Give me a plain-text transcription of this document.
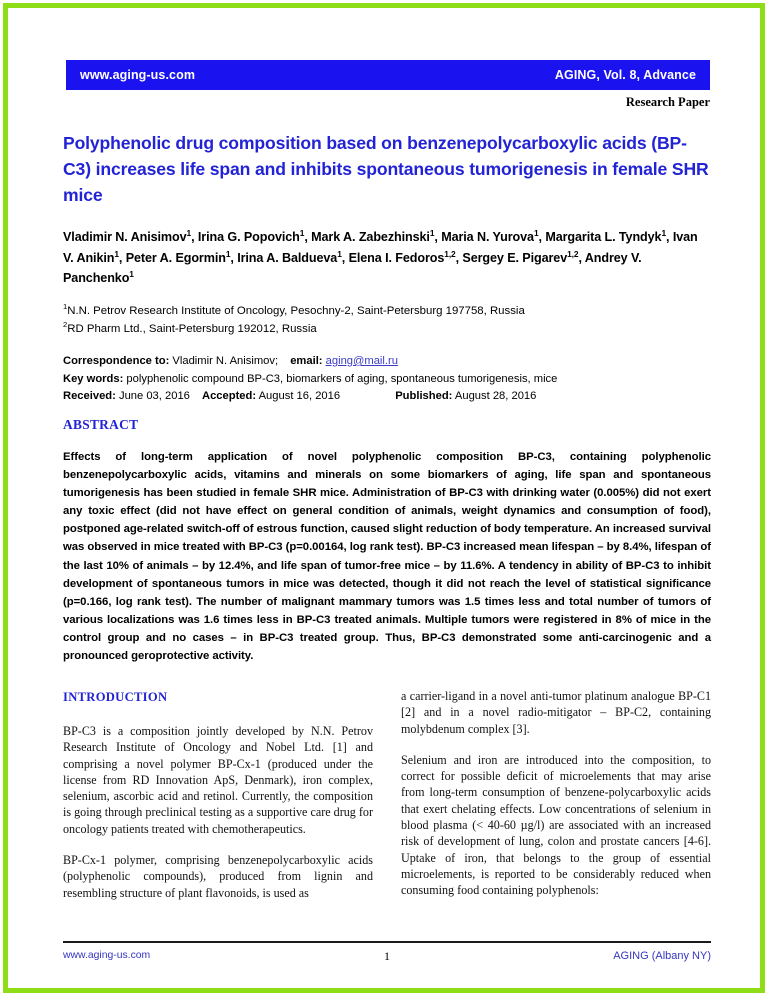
www.aging-us.com	AGING, Vol. 8, Advance
Research Paper
Polyphenolic drug composition based on benzenepolycarboxylic acids (BP-C3) increases life span and inhibits spontaneous tumorigenesis in female SHR mice
Vladimir N. Anisimov$^1$, Irina G. Popovich$^1$, Mark A. Zabezhinski$^1$, Maria N. Yurova$^1$, Margarita L. Tyndyk$^1$, Ivan V. Anikin$^1$, Peter A. Egormin$^1$, Irina A. Baldueva$^1$, Elena I. Fedoros$^{1,2}$, Sergey E. Pigarev$^{1,2}$, Andrey V. Panchenko$^1$
$^1$N.N. Petrov Research Institute of Oncology, Pesochny-2, Saint-Petersburg 197758, Russia
$^2$RD Pharm Ltd., Saint-Petersburg 192012, Russia
Correspondence to: Vladimir N. Anisimov; email: aging@mail.ru
Key words: polyphenolic compound BP-C3, biomarkers of aging, spontaneous tumorigenesis, mice
Received: June 03, 2016 Accepted: August 16, 2016	Published: August 28, 2016
ABSTRACT
Effects of long-term application of novel polyphenolic composition BP-C3, containing polyphenolic benzenepolycarboxylic acids, vitamins and minerals on some biomarkers of aging, life span and spontaneous tumorigenesis has been studied in female SHR mice. Administration of BP-C3 with drinking water (0.005%) did not exert any toxic effect (did not have effect on general condition of animals, weight dynamics and consumption of food), postponed age-related switch-off of estrous function, caused slight reduction of body temperature. An increased survival was observed in mice treated with BP-C3 (p=0.00164, log rank test). BP-C3 increased mean lifespan – by 8.4%, lifespan of the last 10% of animals – by 12.4%, and life span of tumor-free mice – by 11.6%. A tendency in ability of BP-C3 to inhibit development of spontaneous tumors in mice was detected, though it did not reach the level of statistical significance (p=0.166, log rank test). The number of malignant mammary tumors was 1.5 times less and total number of tumors of various localizations was 1.6 times less in BP-C3 treated animals. Multiple tumors were registered in 8% of mice in the control group and no cases – in BP-C3 treated group. Thus, BP-C3 demonstrated some anti-carcinogenic and a pronounced geroprotective activity.
INTRODUCTION

BP-C3 is a composition jointly developed by N.N. Petrov Research Institute of Oncology and Nobel Ltd. [1] and comprising a novel polymer BP-Cx-1 (produced under the license from RD Innovation ApS, Denmark), iron complex, selenium, ascorbic acid and retinol. Currently, the composition is going through preclinical testing as a supportive care drug for oncology patients treated with chemotherapeutics.

BP-Cx-1 polymer, comprising benzenepolycarboxylic acids (polyphenolic compounds), produced from lignin and resembling structure of plant flavonoids, is used as

a carrier-ligand in a novel anti-tumor platinum analogue BP-C1 [2] and in a novel radio-mitigator – BP-C2, containing molybdenum complex [3].

Selenium and iron are introduced into the composition, to correct for possible deficit of microelements that may arise from long-term consumption of benzene-polycarboxylic acids that exert chelating effects. Low concentrations of selenium in blood plasma (< 40-60 µg/l) are associated with an increased risk of development of lung, colon and prostate cancers [4-6]. Uptake of iron, that belongs to the group of essential microelements, is reported to be considerably reduced when consuming food containing polyphenols:

www.aging-us.com	1	AGING (Albany NY)
